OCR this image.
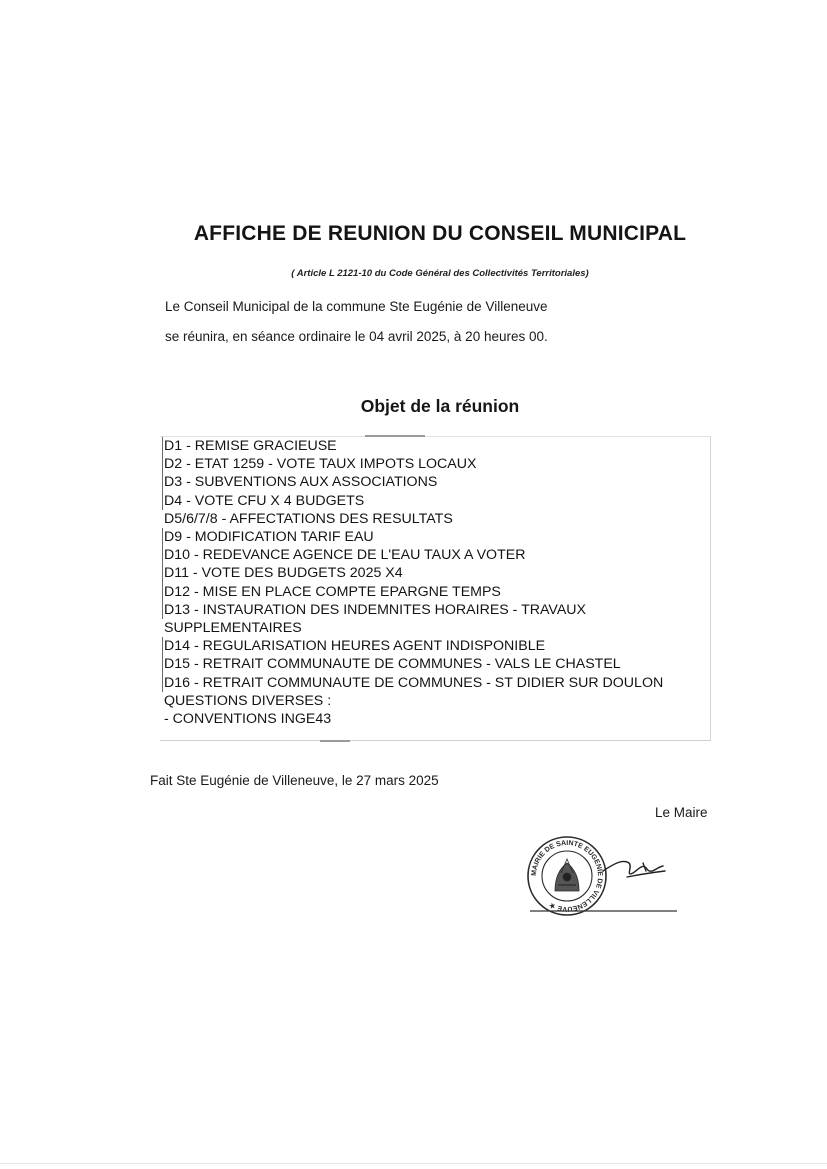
AFFICHE DE REUNION DU CONSEIL MUNICIPAL
( Article L 2121-10 du Code Général des Collectivités Territoriales)
Le Conseil Municipal de la commune Ste Eugénie de Villeneuve
se réunira, en séance ordinaire le 04 avril 2025, à 20 heures 00.
Objet de la réunion
D1 - REMISE GRACIEUSE
D2 - ETAT 1259 - VOTE TAUX IMPOTS LOCAUX
D3 - SUBVENTIONS AUX ASSOCIATIONS
D4 - VOTE CFU X 4 BUDGETS
D5/6/7/8 - AFFECTATIONS DES RESULTATS
D9 - MODIFICATION TARIF EAU
D10 - REDEVANCE AGENCE DE L'EAU TAUX A VOTER
D11 - VOTE DES BUDGETS 2025 X4
D12 - MISE EN PLACE COMPTE EPARGNE TEMPS
D13 - INSTAURATION DES INDEMNITES HORAIRES - TRAVAUX
SUPPLEMENTAIRES
D14 - REGULARISATION HEURES AGENT INDISPONIBLE
D15 - RETRAIT COMMUNAUTE DE COMMUNES - VALS LE CHASTEL
D16 - RETRAIT COMMUNAUTE DE COMMUNES - ST DIDIER SUR DOULON
QUESTIONS DIVERSES :
- CONVENTIONS INGE43
Fait Ste Eugénie de Villeneuve, le 27 mars 2025
Le Maire
MAIRIE DE SAINTE EUGENIE DE VILLENEUVE ★
